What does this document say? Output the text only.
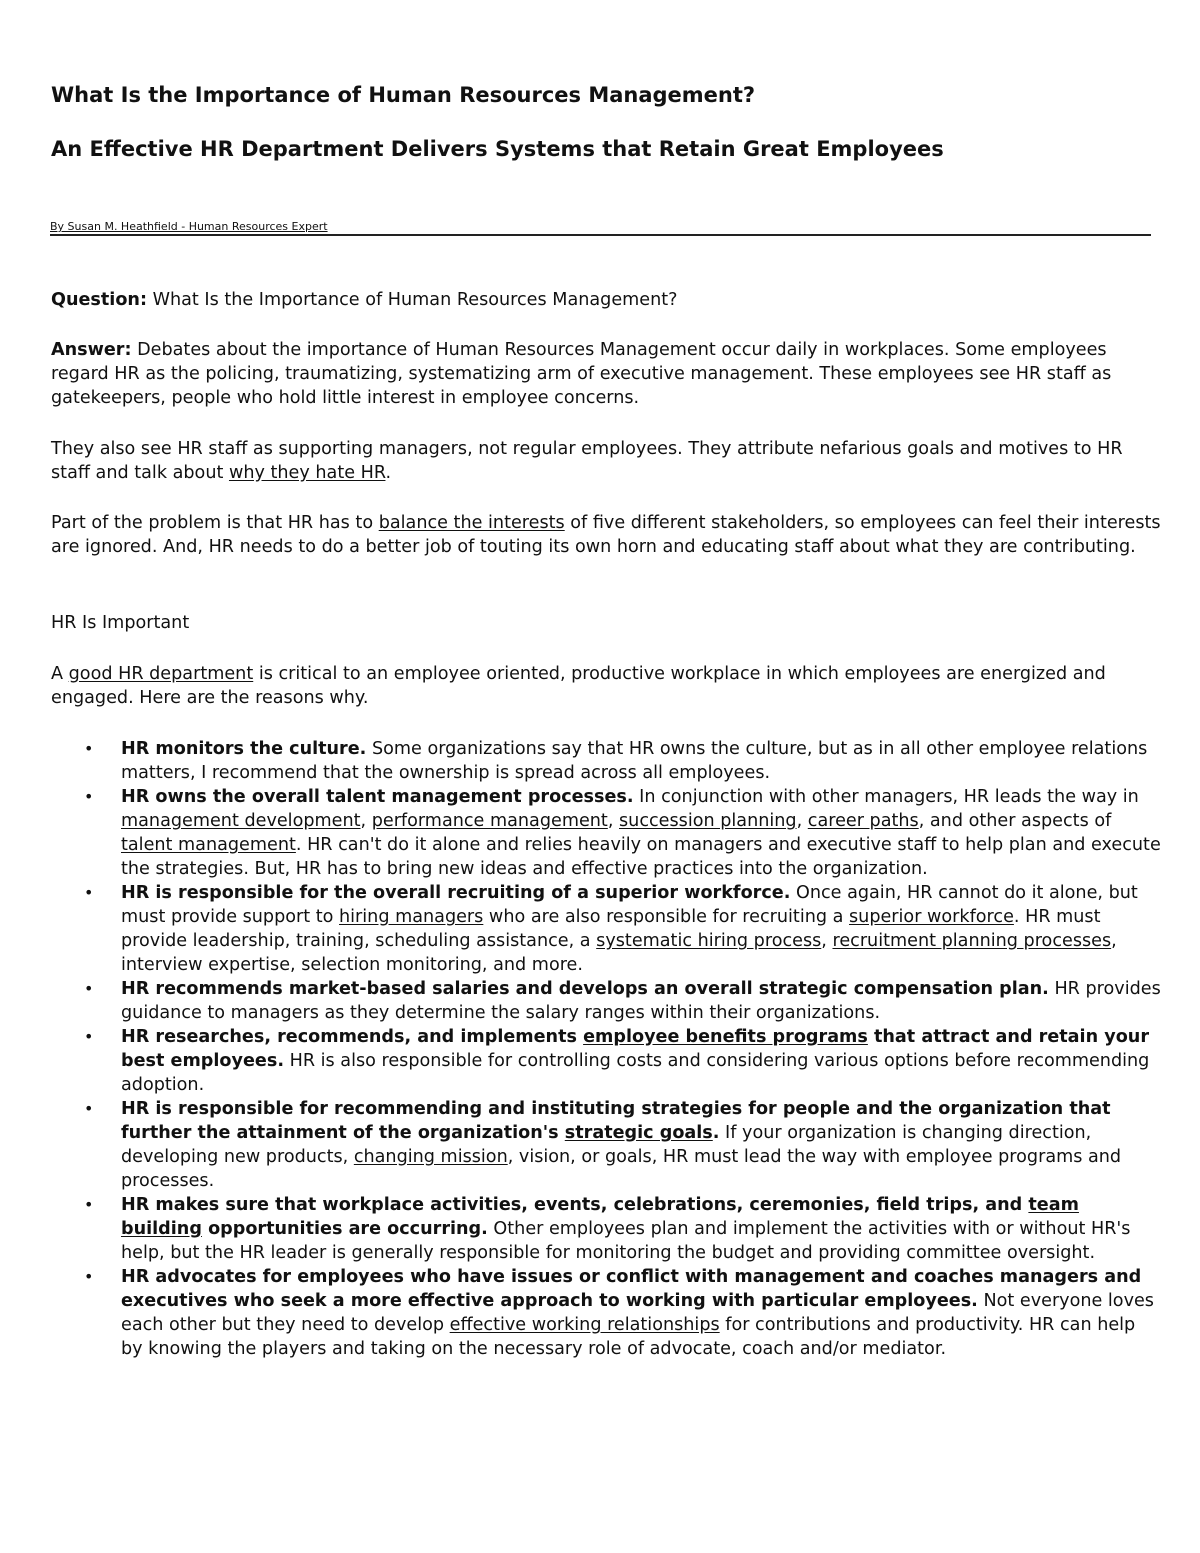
What Is the Importance of Human Resources Management?
An Effective HR Department Delivers Systems that Retain Great Employees
By Susan M. Heathfield - Human Resources Expert

Question: What Is the Importance of Human Resources Management?

Answer: Debates about the importance of Human Resources Management occur daily in workplaces. Some employees regard HR as the policing, traumatizing, systematizing arm of executive management. These employees see HR staff as gatekeepers, people who hold little interest in employee concerns.

They also see HR staff as supporting managers, not regular employees. They attribute nefarious goals and motives to HR staff and talk about why they hate HR.

Part of the problem is that HR has to balance the interests of five different stakeholders, so employees can feel their interests are ignored. And, HR needs to do a better job of touting its own horn and educating staff about what they are contributing.

HR Is Important

A good HR department is critical to an employee oriented, productive workplace in which employees are energized and engaged. Here are the reasons why.

• HR monitors the culture. Some organizations say that HR owns the culture, but as in all other employee relations matters, I recommend that the ownership is spread across all employees.
• HR owns the overall talent management processes. In conjunction with other managers, HR leads the way in management development, performance management, succession planning, career paths, and other aspects of talent management. HR can't do it alone and relies heavily on managers and executive staff to help plan and execute the strategies. But, HR has to bring new ideas and effective practices into the organization.
• HR is responsible for the overall recruiting of a superior workforce. Once again, HR cannot do it alone, but must provide support to hiring managers who are also responsible for recruiting a superior workforce. HR must provide leadership, training, scheduling assistance, a systematic hiring process, recruitment planning processes, interview expertise, selection monitoring, and more.
• HR recommends market-based salaries and develops an overall strategic compensation plan. HR provides guidance to managers as they determine the salary ranges within their organizations.
• HR researches, recommends, and implements employee benefits programs that attract and retain your best employees. HR is also responsible for controlling costs and considering various options before recommending adoption.
• HR is responsible for recommending and instituting strategies for people and the organization that further the attainment of the organization's strategic goals. If your organization is changing direction, developing new products, changing mission, vision, or goals, HR must lead the way with employee programs and processes.
• HR makes sure that workplace activities, events, celebrations, ceremonies, field trips, and team building opportunities are occurring. Other employees plan and implement the activities with or without HR's help, but the HR leader is generally responsible for monitoring the budget and providing committee oversight.
• HR advocates for employees who have issues or conflict with management and coaches managers and executives who seek a more effective approach to working with particular employees. Not everyone loves each other but they need to develop effective working relationships for contributions and productivity. HR can help by knowing the players and taking on the necessary role of advocate, coach and/or mediator.
